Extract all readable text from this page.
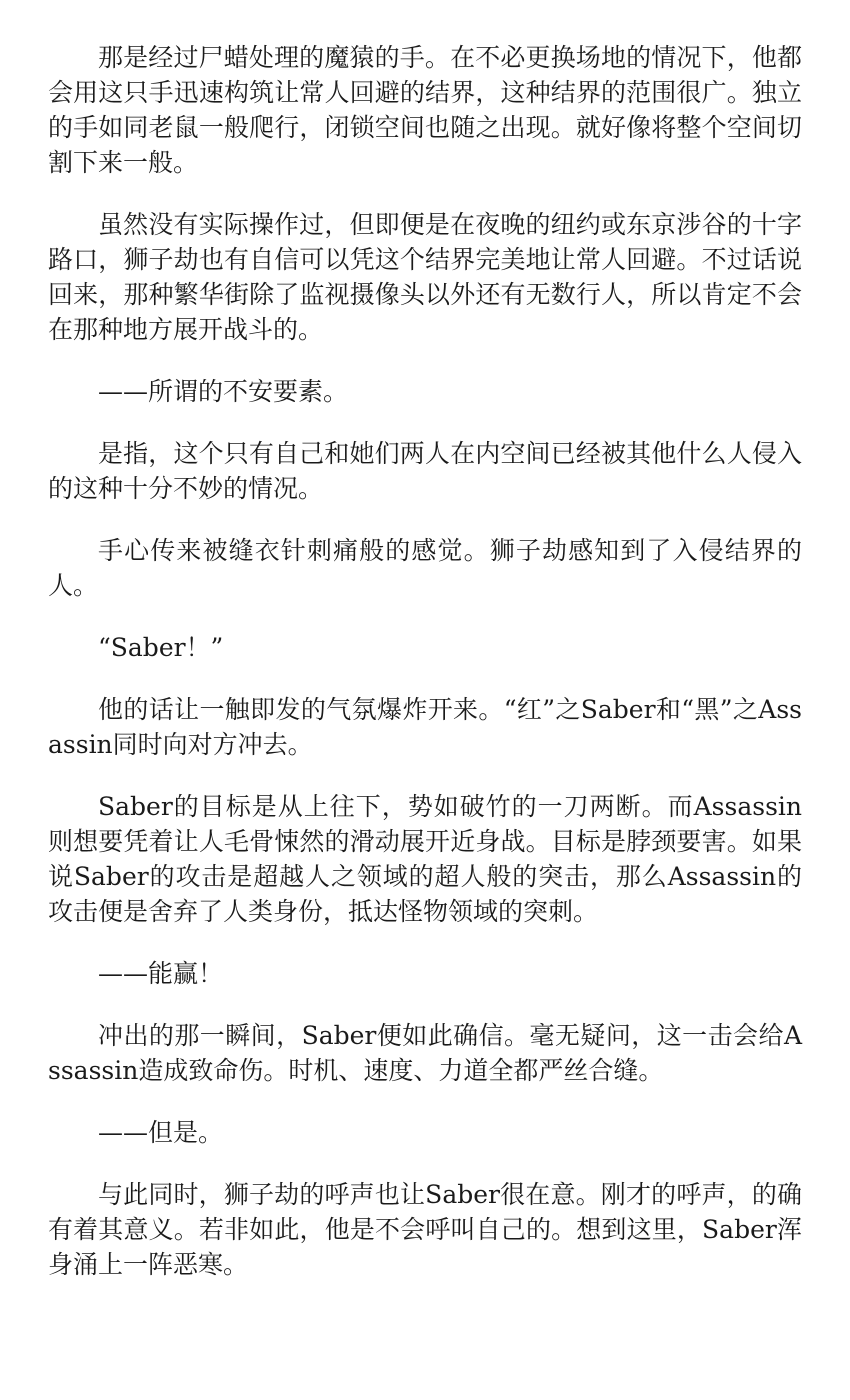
那是经过尸蜡处理的魔猿的手。在不必更换场地的情况下，他都会用这只手迅速构筑让常人回避的结界，这种结界的范围很广。独立的手如同老鼠一般爬行，闭锁空间也随之出现。就好像将整个空间切割下来一般。

虽然没有实际操作过，但即便是在夜晚的纽约或东京涉谷的十字路口，狮子劫也有自信可以凭这个结界完美地让常人回避。不过话说回来，那种繁华街除了监视摄像头以外还有无数行人，所以肯定不会在那种地方展开战斗的。

——所谓的不安要素。

是指，这个只有自己和她们两人在内空间已经被其他什么人侵入的这种十分不妙的情况。

手心传来被缝衣针刺痛般的感觉。狮子劫感知到了入侵结界的人。

“Saber！”

他的话让一触即发的气氛爆炸开来。“红”之Saber和“黑”之Assassin同时向对方冲去。

Saber的目标是从上往下，势如破竹的一刀两断。而Assassin则想要凭着让人毛骨悚然的滑动展开近身战。目标是脖颈要害。如果说Saber的攻击是超越人之领域的超人般的突击，那么Assassin的攻击便是舍弃了人类身份，抵达怪物领域的突刺。

——能赢！

冲出的那一瞬间，Saber便如此确信。毫无疑问，这一击会给Assassin造成致命伤。时机、速度、力道全都严丝合缝。

——但是。

与此同时，狮子劫的呼声也让Saber很在意。刚才的呼声，的确有着其意义。若非如此，他是不会呼叫自己的。想到这里，Saber浑身涌上一阵恶寒。
